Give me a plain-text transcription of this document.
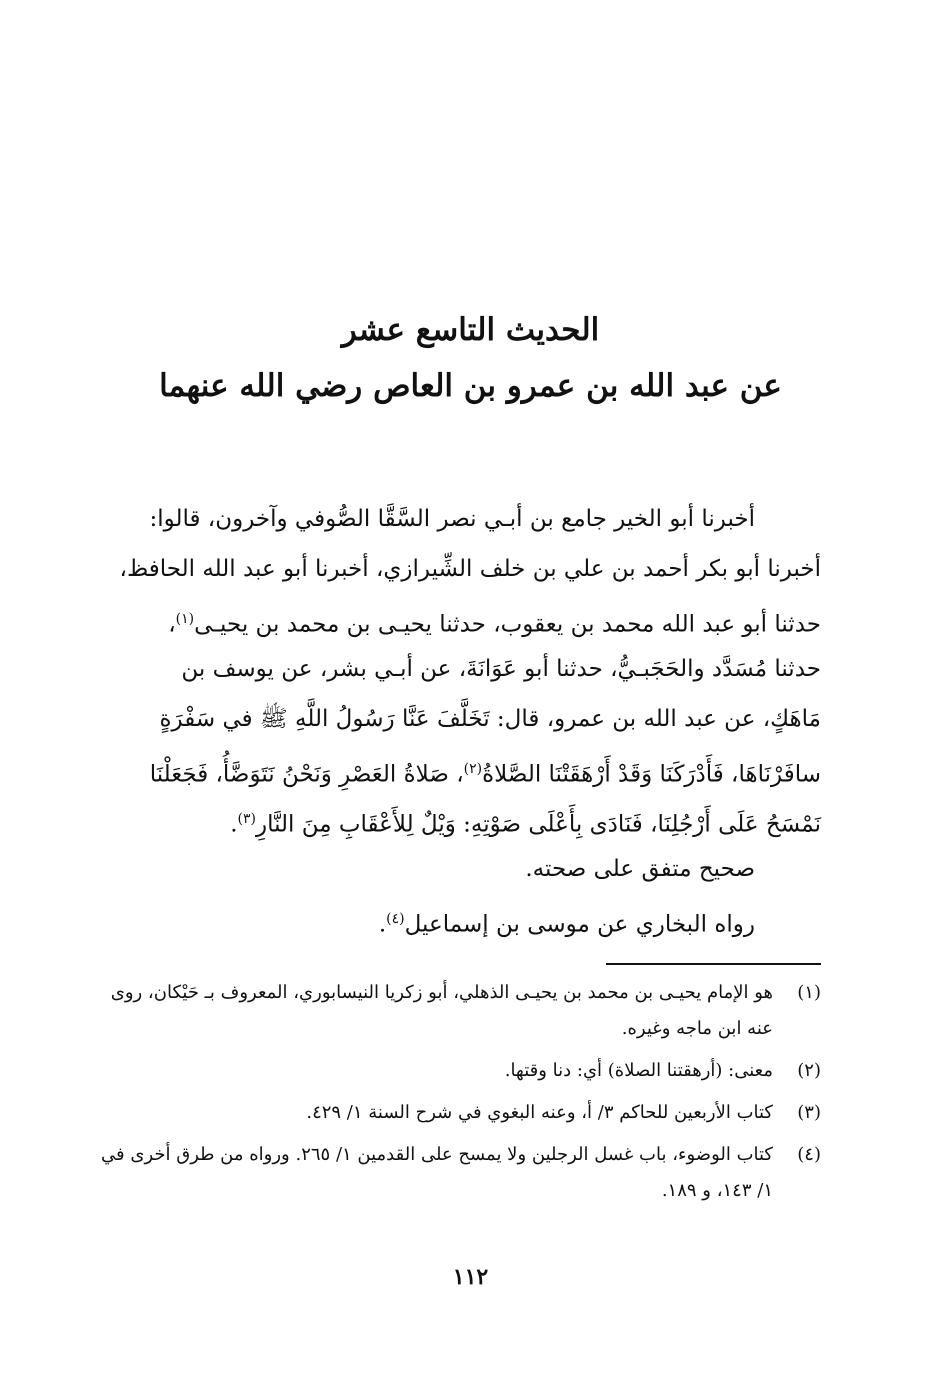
الحديث التاسع عشر
عن عبد الله بن عمرو بن العاص رضي الله عنهما
أخبرنا أبو الخير جامع بن أبـي نصر السَّقَّا الصُّوفي وآخرون، قالوا:
أخبرنا أبو بكر أحمد بن علي بن خلف الشِّيرازي، أخبرنا أبو عبد الله الحافظ،
حدثنا أبو عبد الله محمد بن يعقوب، حدثنا يحيـى بن محمد بن يحيـى$^{(١)}$،
حدثنا مُسَدَّد والحَجَبـيُّ، حدثنا أبو عَوَانَةَ، عن أبـي بشر، عن يوسف بن
مَاهَكٍ، عن عبد الله بن عمرو، قال: تَخَلَّفَ عَنَّا رَسُولُ اللَّهِ ﷺ في سَفْرَةٍ
سافَرْنَاهَا، فَأَدْرَكَنَا وَقَدْ أَرْهَقَتْنَا الصَّلاةُ$^{(٢)}$، صَلاةُ العَصْرِ وَنَحْنُ نَتَوَضَّأُ، فَجَعَلْنَا
نَمْسَحُ عَلَى أَرْجُلِنَا، فَنَادَى بِأَعْلَى صَوْتِهِ: وَيْلٌ لِلأَعْقَابِ مِنَ النَّارِ$^{(٣)}$.
صحيح متفق على صحته.
رواه البخاري عن موسى بن إسماعيل$^{(٤)}$.
(١)
هو الإمام يحيـى بن محمد بن يحيـى الذهلي، أبو زكريا النيسابوري، المعروف بـ حَيْكان، روى عنه ابن ماجه وغيره.
(٢)
معنى: (أرهقتنا الصلاة) أي: دنا وقتها.
(٣)
كتاب الأربعين للحاكم ٣/ أ، وعنه البغوي في شرح السنة ١/ ٤٢٩.
(٤)
كتاب الوضوء، باب غسل الرجلين ولا يمسح على القدمين ١/ ٢٦٥. ورواه من طرق أخرى في ١/ ١٤٣، و ١٨٩.
١١٢
